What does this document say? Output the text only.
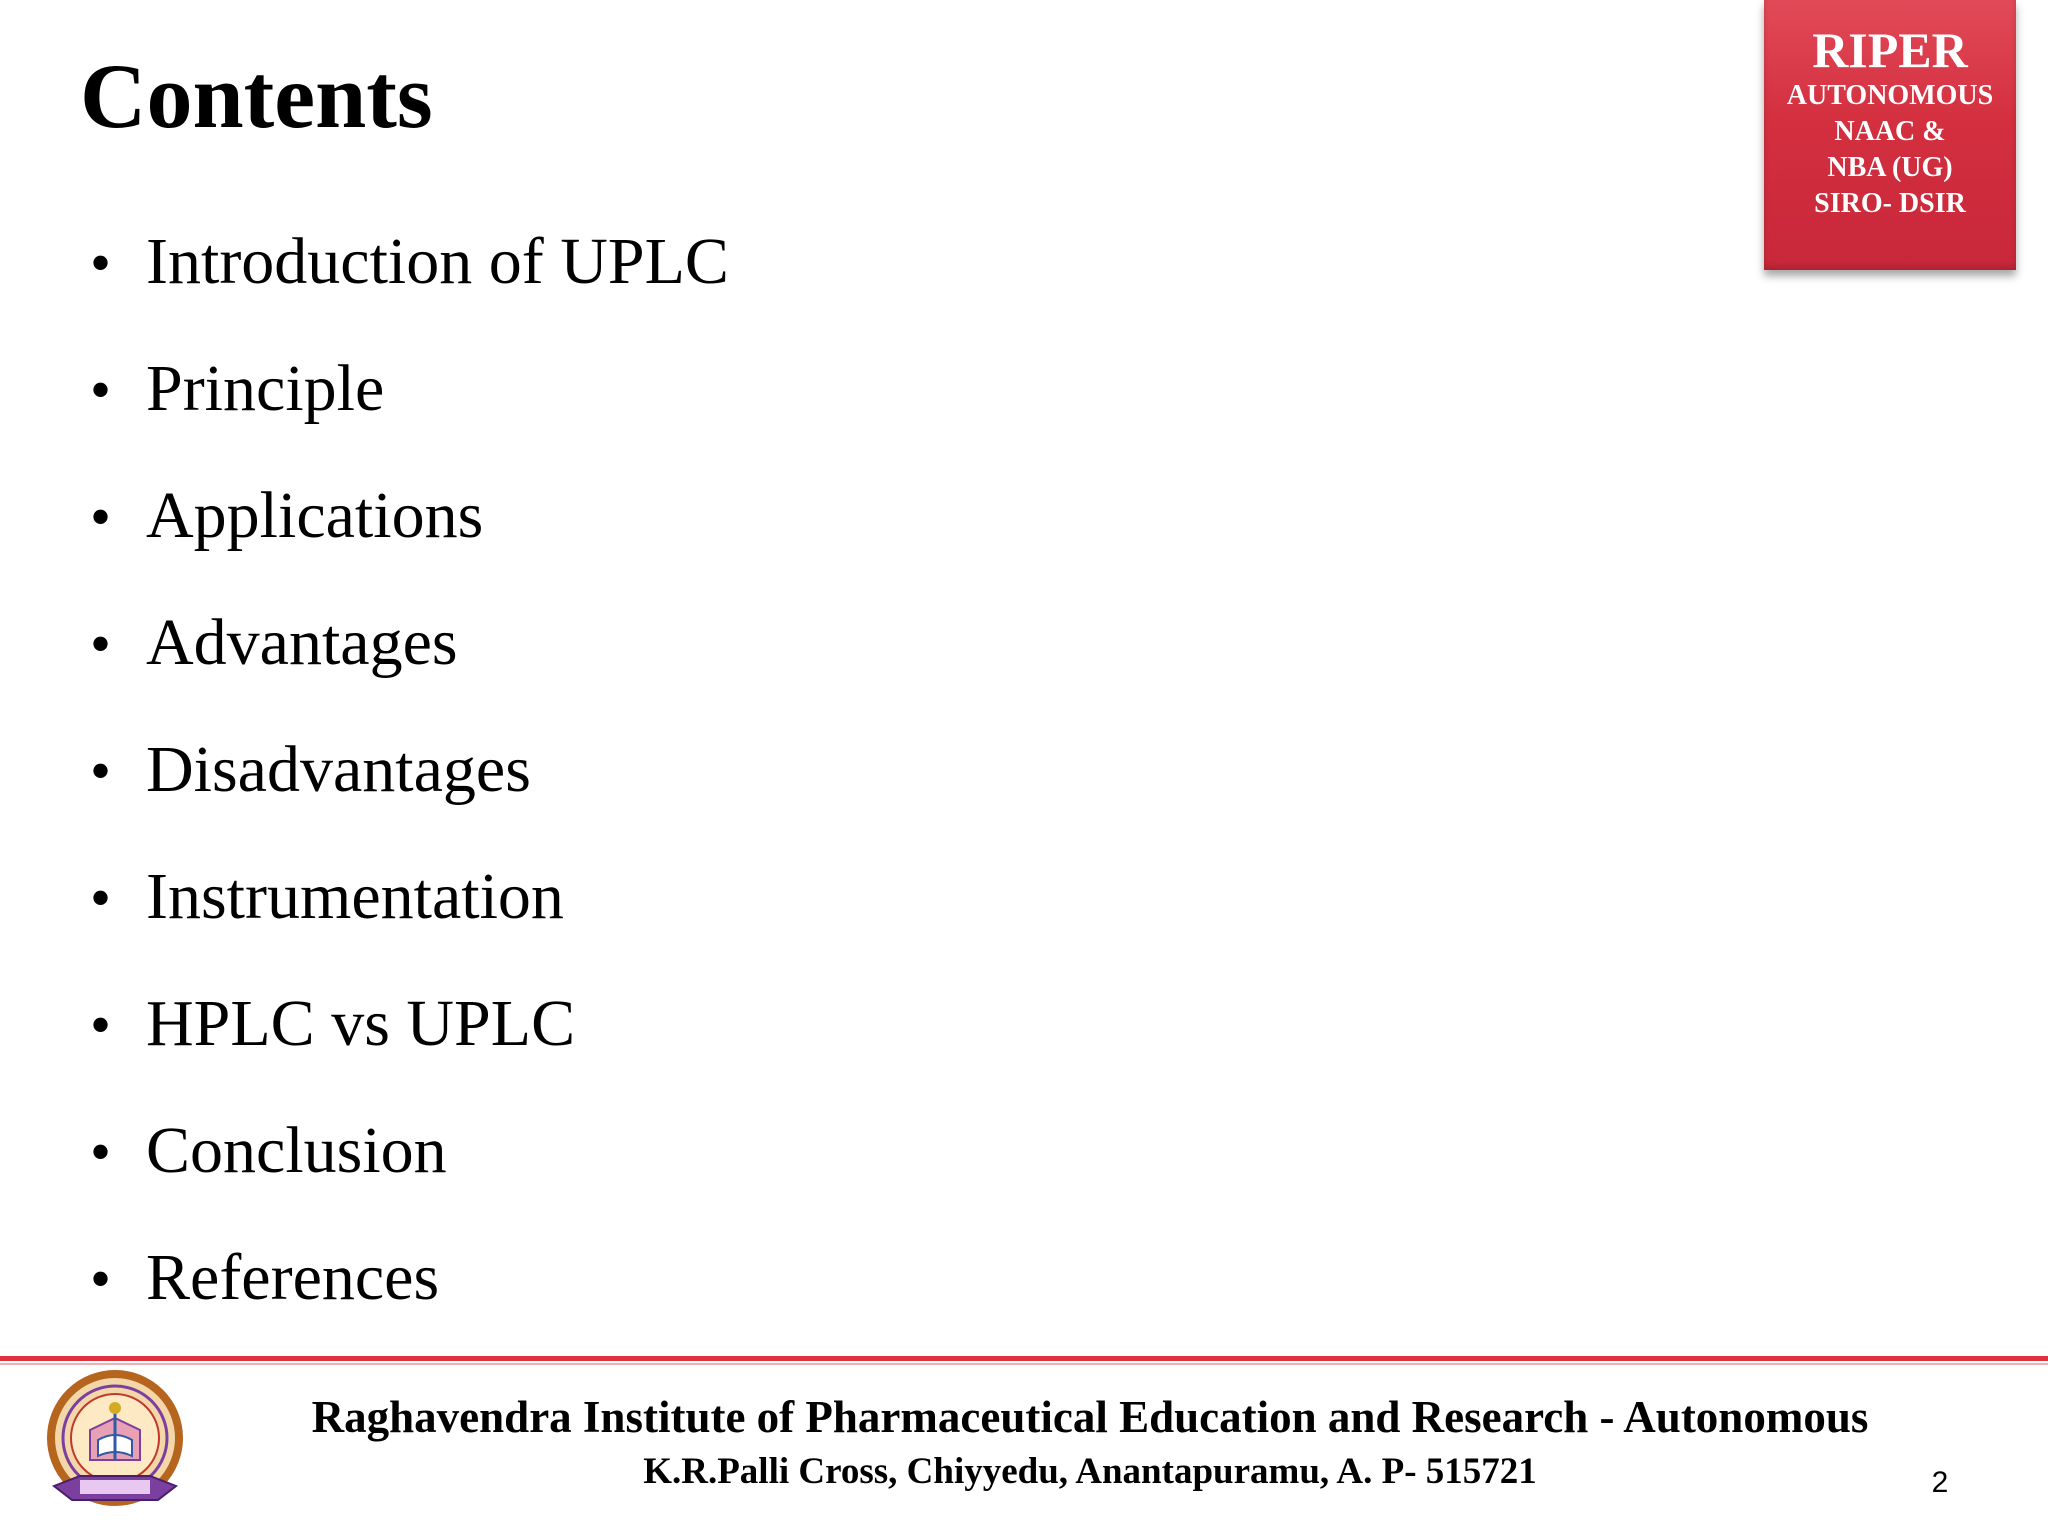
Contents	RIPER
AUTONOMOUS
NAAC &
NBA (UG)
SIRO- DSIR
• Introduction of UPLC
• Principle
• Applications
• Advantages
• Disadvantages
• Instrumentation
• HPLC vs UPLC
• Conclusion
• References
Raghavendra Institute of Pharmaceutical Education and Research - Autonomous
K.R.Palli Cross, Chiyyedu, Anantapuramu, A. P- 515721	2
